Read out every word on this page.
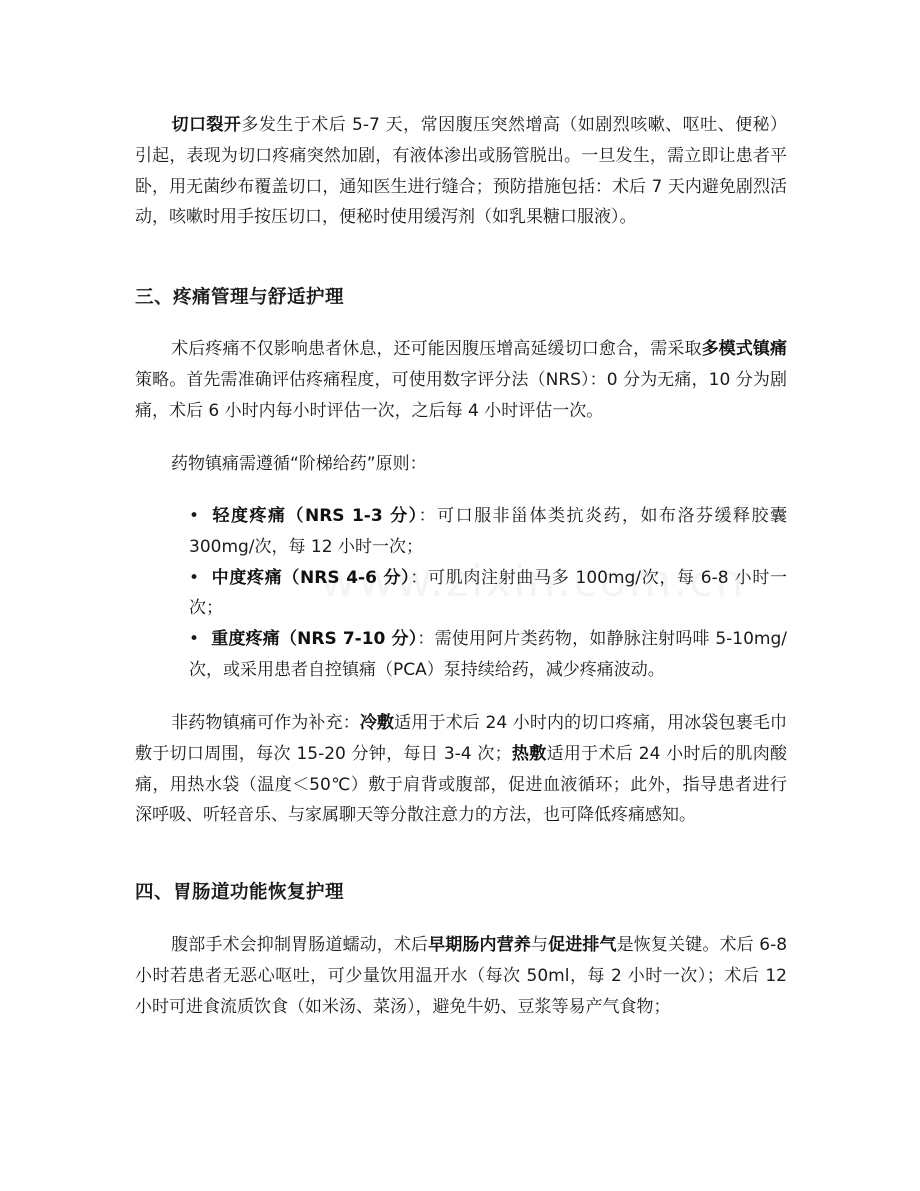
切口裂开多发生于术后 5-7 天，常因腹压突然增高（如剧烈咳嗽、呕吐、便秘）引起，表现为切口疼痛突然加剧，有液体渗出或肠管脱出。一旦发生，需立即让患者平卧，用无菌纱布覆盖切口，通知医生进行缝合；预防措施包括：术后 7 天内避免剧烈活动，咳嗽时用手按压切口，便秘时使用缓泻剂（如乳果糖口服液）。

三、疼痛管理与舒适护理

术后疼痛不仅影响患者休息，还可能因腹压增高延缓切口愈合，需采取多模式镇痛策略。首先需准确评估疼痛程度，可使用数字评分法（NRS）：0 分为无痛，10 分为剧痛，术后 6 小时内每小时评估一次，之后每 4 小时评估一次。

药物镇痛需遵循“阶梯给药”原则：

• 轻度疼痛（NRS 1-3 分）：可口服非甾体类抗炎药，如布洛芬缓释胶囊 300mg/次，每 12 小时一次；
• 中度疼痛（NRS 4-6 分）：可肌肉注射曲马多 100mg/次，每 6-8 小时一次；
• 重度疼痛（NRS 7-10 分）：需使用阿片类药物，如静脉注射吗啡 5-10mg/次，或采用患者自控镇痛（PCA）泵持续给药，减少疼痛波动。

非药物镇痛可作为补充：冷敷适用于术后 24 小时内的切口疼痛，用冰袋包裹毛巾敷于切口周围，每次 15-20 分钟，每日 3-4 次；热敷适用于术后 24 小时后的肌肉酸痛，用热水袋（温度＜50℃）敷于肩背或腹部，促进血液循环；此外，指导患者进行深呼吸、听轻音乐、与家属聊天等分散注意力的方法，也可降低疼痛感知。

四、胃肠道功能恢复护理

腹部手术会抑制胃肠道蠕动，术后早期肠内营养与促进排气是恢复关键。术后 6-8 小时若患者无恶心呕吐，可少量饮用温开水（每次 50ml，每 2 小时一次）；术后 12 小时可进食流质饮食（如米汤、菜汤），避免牛奶、豆浆等易产气食物；
